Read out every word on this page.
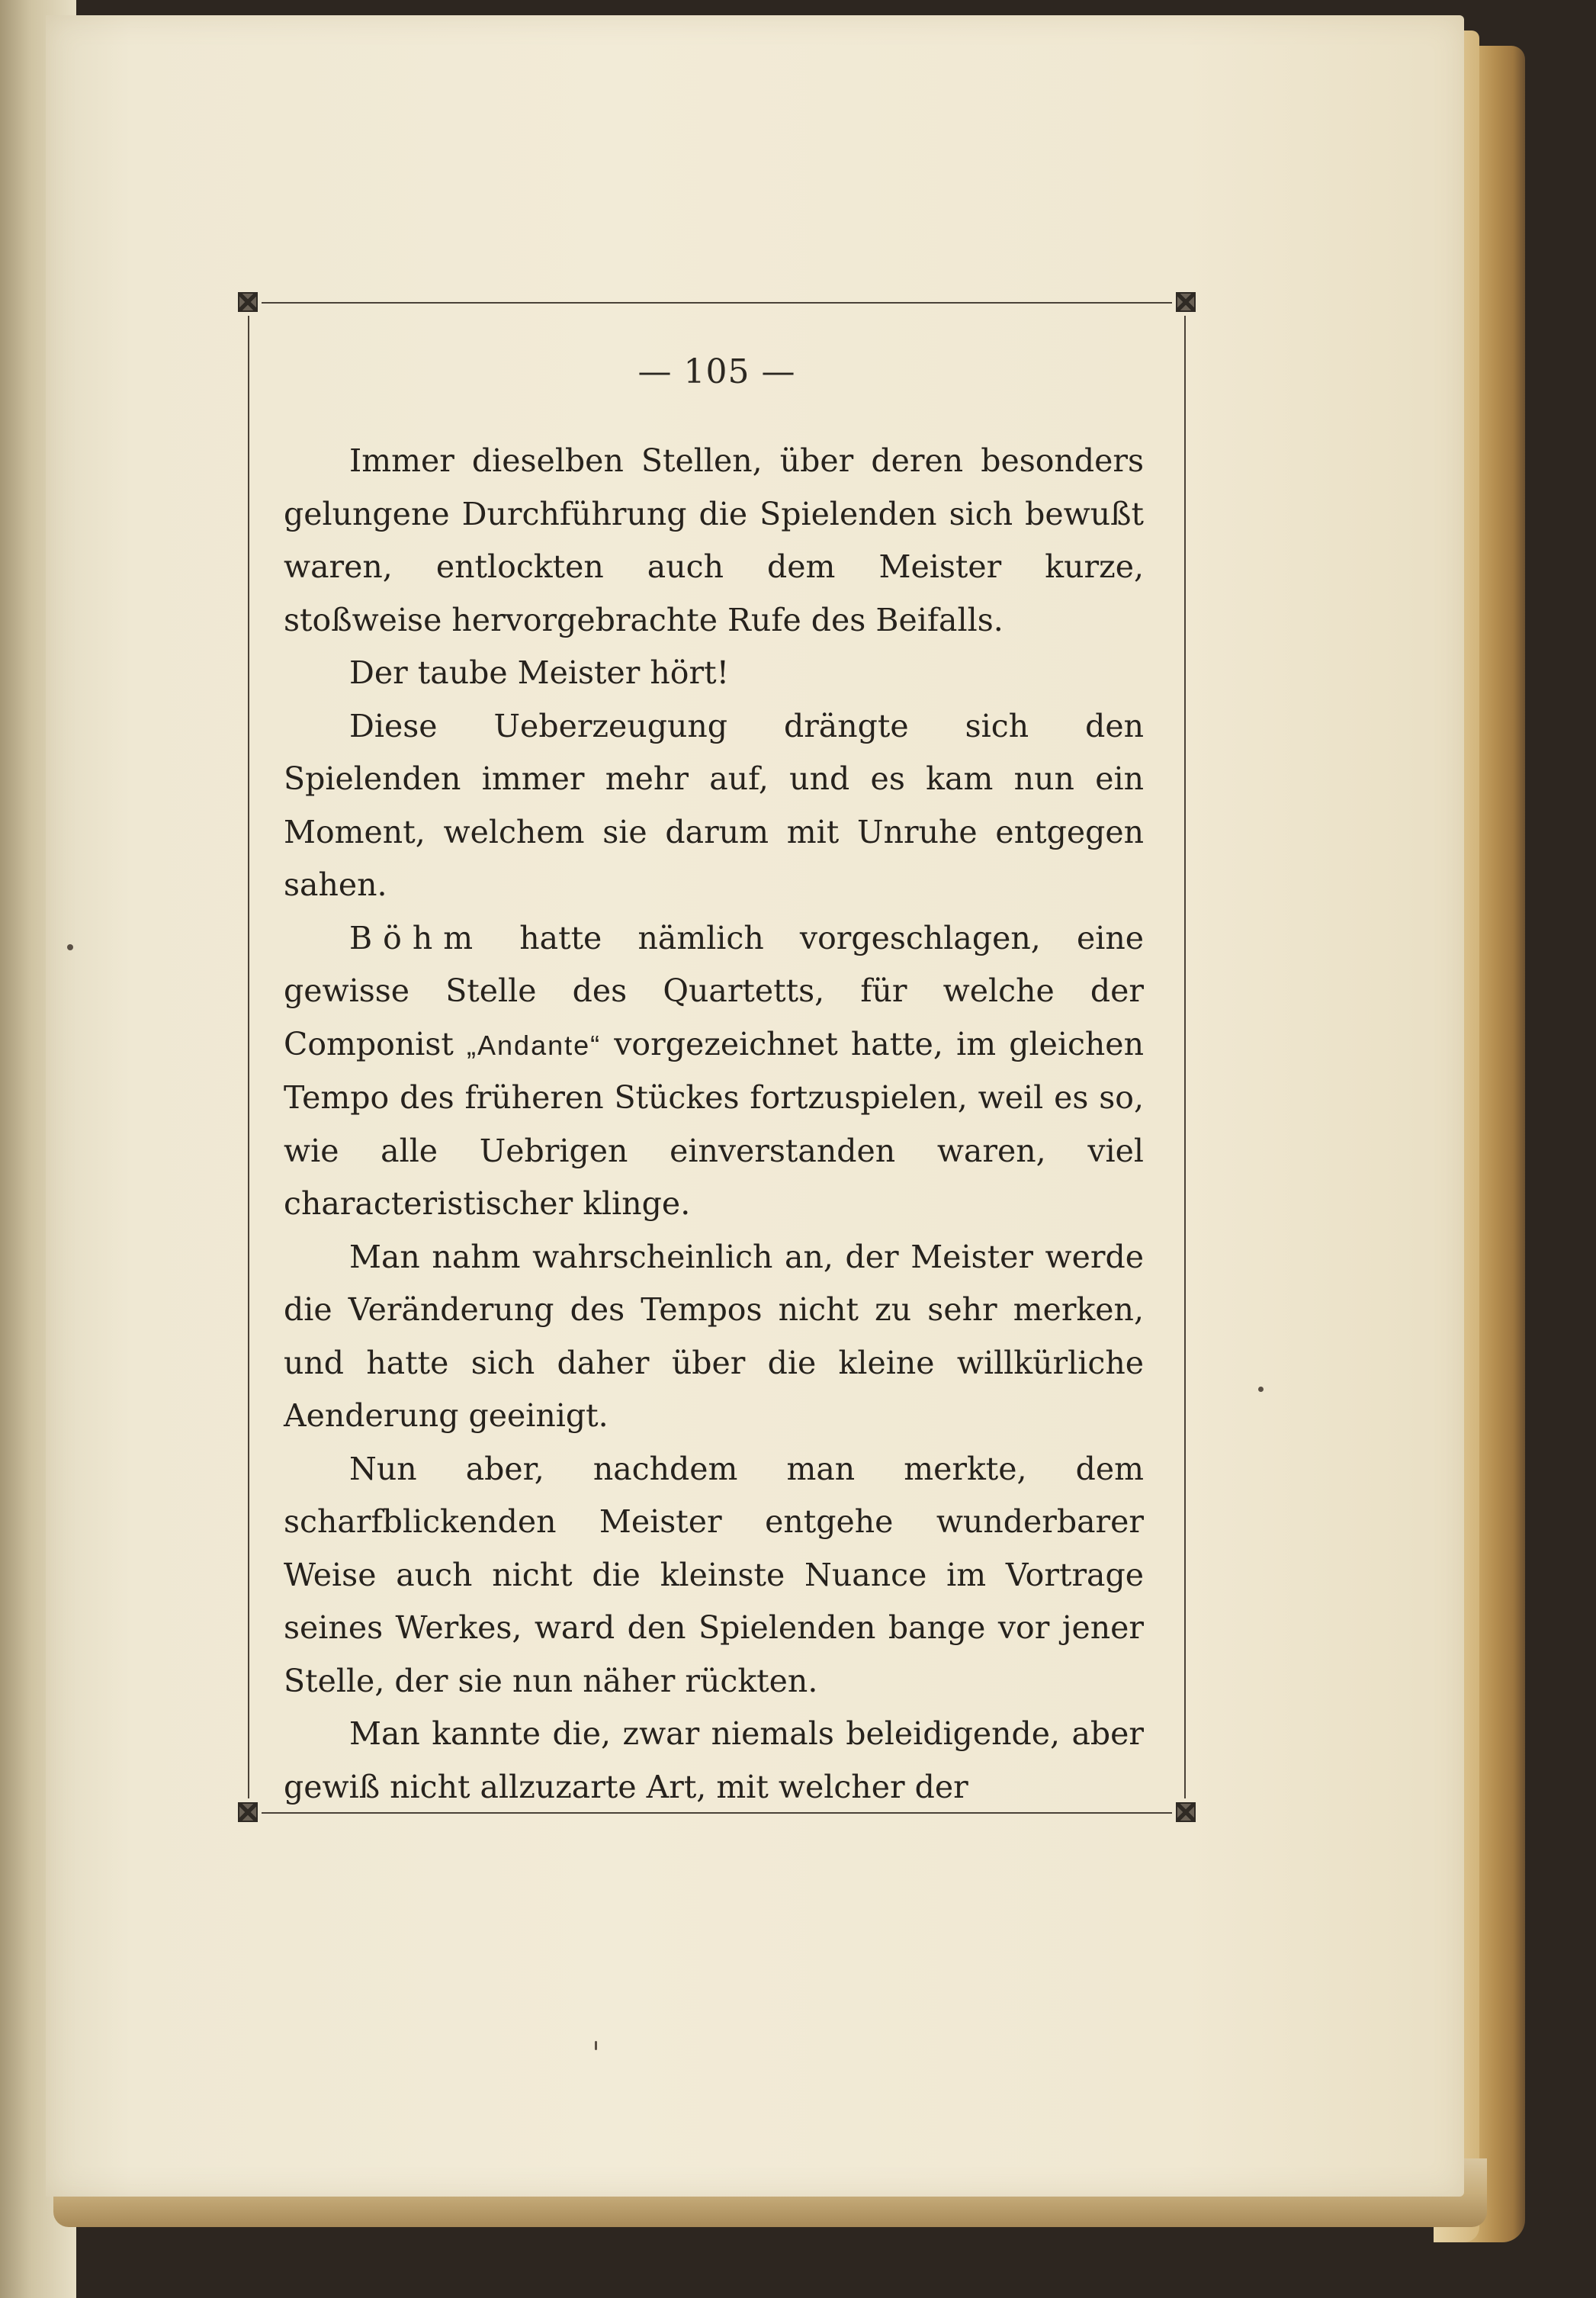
— 105 —

Immer dieselben Stellen, über deren besonders gelungene Durchführung die Spielenden sich bewußt waren, entlockten auch dem Meister kurze, stoßweise hervorgebrachte Rufe des Beifalls.

Der taube Meister hört!

Diese Ueberzeugung drängte sich den Spielenden immer mehr auf, und es kam nun ein Moment, welchem sie darum mit Unruhe entgegen sahen.

Böhm hatte nämlich vorgeschlagen, eine gewisse Stelle des Quartetts, für welche der Componist „Andante“ vorgezeichnet hatte, im gleichen Tempo des früheren Stückes fortzuspielen, weil es so, wie alle Uebrigen einverstanden waren, viel characteristischer klinge.

Man nahm wahrscheinlich an, der Meister werde die Veränderung des Tempos nicht zu sehr merken, und hatte sich daher über die kleine willkürliche Aenderung geeinigt.

Nun aber, nachdem man merkte, dem scharfblickenden Meister entgehe wunderbarer Weise auch nicht die kleinste Nuance im Vortrage seines Werkes, ward den Spielenden bange vor jener Stelle, der sie nun näher rückten.

Man kannte die, zwar niemals beleidigende, aber gewiß nicht allzuzarte Art, mit welcher der
